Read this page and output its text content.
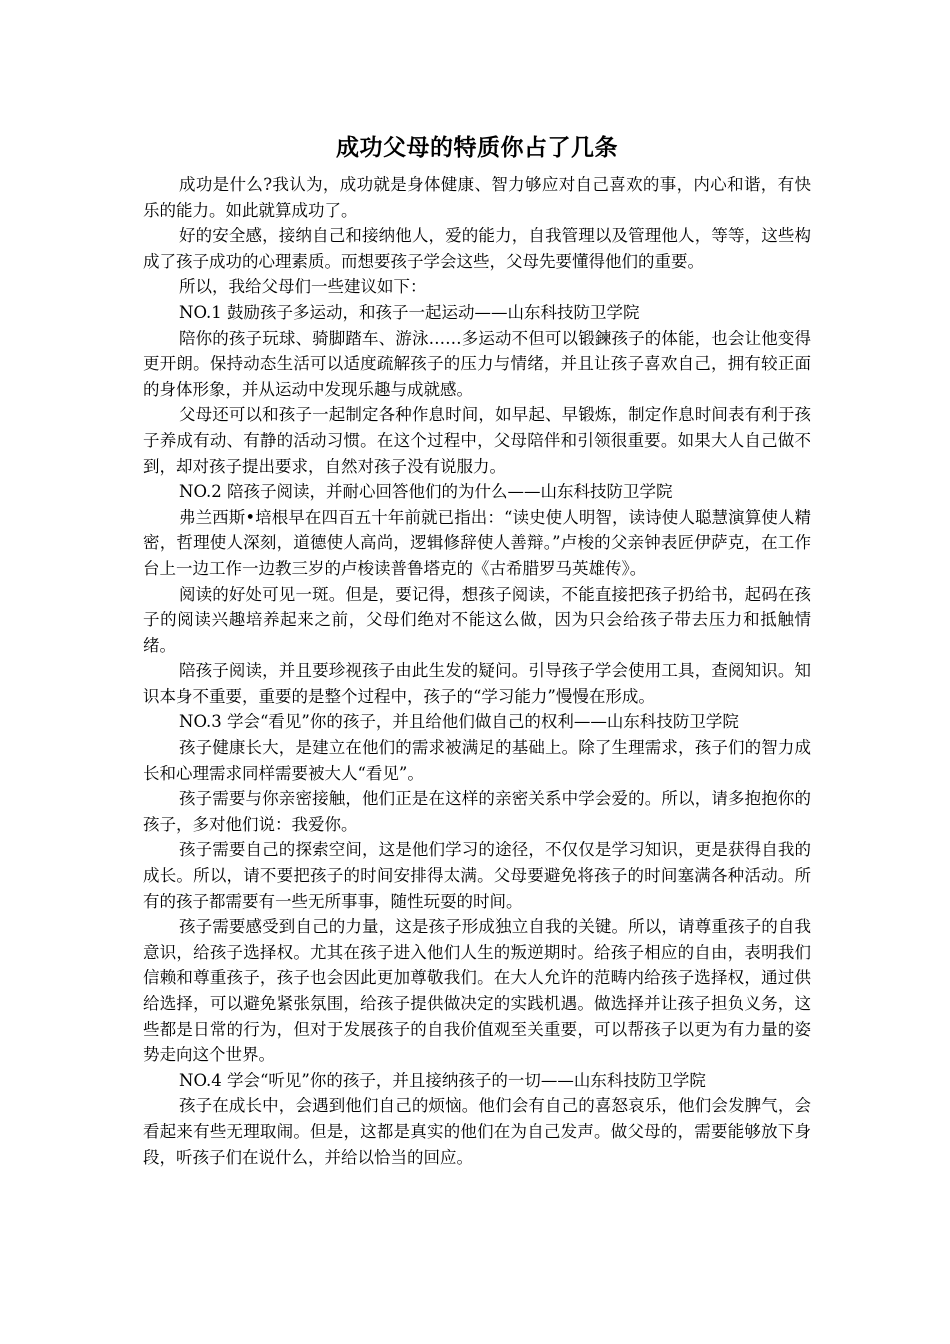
成功父母的特质你占了几条

成功是什么?我认为，成功就是身体健康、智力够应对自己喜欢的事，内心和谐，有快乐的能力。如此就算成功了。

好的安全感，接纳自己和接纳他人，爱的能力，自我管理以及管理他人，等等，这些构成了孩子成功的心理素质。而想要孩子学会这些，父母先要懂得他们的重要。

所以，我给父母们一些建议如下：

NO.1 鼓励孩子多运动，和孩子一起运动——山东科技防卫学院

陪你的孩子玩球、骑脚踏车、游泳……多运动不但可以锻鍊孩子的体能，也会让他变得更开朗。保持动态生活可以适度疏解孩子的压力与情绪，并且让孩子喜欢自己，拥有较正面的身体形象，并从运动中发现乐趣与成就感。

父母还可以和孩子一起制定各种作息时间，如早起、早锻炼，制定作息时间表有利于孩子养成有动、有静的活动习惯。在这个过程中，父母陪伴和引领很重要。如果大人自己做不到，却对孩子提出要求，自然对孩子没有说服力。

NO.2 陪孩子阅读，并耐心回答他们的为什么——山东科技防卫学院

弗兰西斯•培根早在四百五十年前就已指出：“读史使人明智，读诗使人聪慧演算使人精密，哲理使人深刻，道德使人高尚，逻辑修辞使人善辩。”卢梭的父亲钟表匠伊萨克，在工作台上一边工作一边教三岁的卢梭读普鲁塔克的《古希腊罗马英雄传》。

阅读的好处可见一斑。但是，要记得，想孩子阅读，不能直接把孩子扔给书，起码在孩子的阅读兴趣培养起来之前，父母们绝对不能这么做，因为只会给孩子带去压力和抵触情绪。

陪孩子阅读，并且要珍视孩子由此生发的疑问。引导孩子学会使用工具，查阅知识。知识本身不重要，重要的是整个过程中，孩子的“学习能力”慢慢在形成。

NO.3 学会“看见”你的孩子，并且给他们做自己的权利——山东科技防卫学院

孩子健康长大，是建立在他们的需求被满足的基础上。除了生理需求，孩子们的智力成长和心理需求同样需要被大人“看见”。

孩子需要与你亲密接触，他们正是在这样的亲密关系中学会爱的。所以，请多抱抱你的孩子，多对他们说：我爱你。

孩子需要自己的探索空间，这是他们学习的途径，不仅仅是学习知识，更是获得自我的成长。所以，请不要把孩子的时间安排得太满。父母要避免将孩子的时间塞满各种活动。所有的孩子都需要有一些无所事事，随性玩耍的时间。

孩子需要感受到自己的力量，这是孩子形成独立自我的关键。所以，请尊重孩子的自我意识，给孩子选择权。尤其在孩子进入他们人生的叛逆期时。给孩子相应的自由，表明我们信赖和尊重孩子，孩子也会因此更加尊敬我们。在大人允许的范畴内给孩子选择权，通过供给选择，可以避免紧张氛围，给孩子提供做决定的实践机遇。做选择并让孩子担负义务，这些都是日常的行为，但对于发展孩子的自我价值观至关重要，可以帮孩子以更为有力量的姿势走向这个世界。

NO.4 学会“听见”你的孩子，并且接纳孩子的一切——山东科技防卫学院

孩子在成长中，会遇到他们自己的烦恼。他们会有自己的喜怒哀乐，他们会发脾气，会看起来有些无理取闹。但是，这都是真实的他们在为自己发声。做父母的，需要能够放下身段，听孩子们在说什么，并给以恰当的回应。
